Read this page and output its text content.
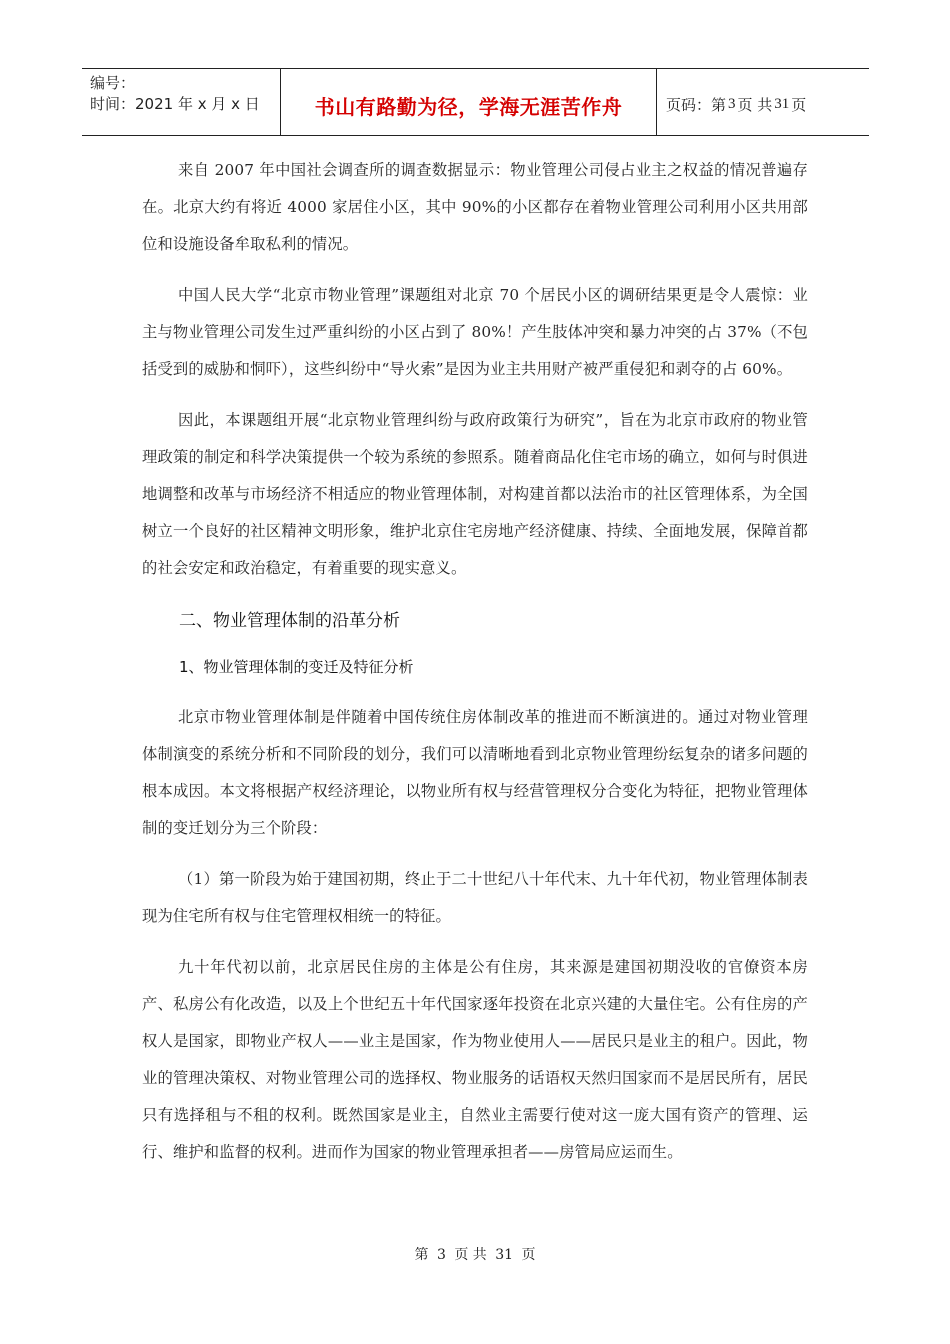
编号：
时间：2021 年 x 月 x 日	书山有路勤为径，学海无涯苦作舟	页码：第 3 页 共 31 页

来自 2007 年中国社会调查所的调查数据显示：物业管理公司侵占业主之权益的情况普遍存在。北京大约有将近 4000 家居住小区，其中 90%的小区都存在着物业管理公司利用小区共用部位和设施设备牟取私利的情况。

中国人民大学“北京市物业管理”课题组对北京 70 个居民小区的调研结果更是令人震惊：业主与物业管理公司发生过严重纠纷的小区占到了 80%！产生肢体冲突和暴力冲突的占 37%（不包括受到的威胁和恫吓），这些纠纷中“导火索”是因为业主共用财产被严重侵犯和剥夺的占 60%。

因此，本课题组开展“北京物业管理纠纷与政府政策行为研究”，旨在为北京市政府的物业管理政策的制定和科学决策提供一个较为系统的参照系。随着商品化住宅市场的确立，如何与时俱进地调整和改革与市场经济不相适应的物业管理体制，对构建首都以法治市的社区管理体系，为全国树立一个良好的社区精神文明形象，维护北京住宅房地产经济健康、持续、全面地发展，保障首都的社会安定和政治稳定，有着重要的现实意义。

二、物业管理体制的沿革分析
1、物业管理体制的变迁及特征分析

北京市物业管理体制是伴随着中国传统住房体制改革的推进而不断演进的。通过对物业管理体制演变的系统分析和不同阶段的划分，我们可以清晰地看到北京物业管理纷纭复杂的诸多问题的根本成因。本文将根据产权经济理论，以物业所有权与经营管理权分合变化为特征，把物业管理体制的变迁划分为三个阶段：

（1）第一阶段为始于建国初期，终止于二十世纪八十年代末、九十年代初，物业管理体制表现为住宅所有权与住宅管理权相统一的特征。

九十年代初以前，北京居民住房的主体是公有住房，其来源是建国初期没收的官僚资本房产、私房公有化改造，以及上个世纪五十年代国家逐年投资在北京兴建的大量住宅。公有住房的产权人是国家，即物业产权人——业主是国家，作为物业使用人——居民只是业主的租户。因此，物业的管理决策权、对物业管理公司的选择权、物业服务的话语权天然归国家而不是居民所有，居民只有选择租与不租的权利。既然国家是业主，自然业主需要行使对这一庞大国有资产的管理、运行、维护和监督的权利。进而作为国家的物业管理承担者——房管局应运而生。

第 3 页 共 31 页
